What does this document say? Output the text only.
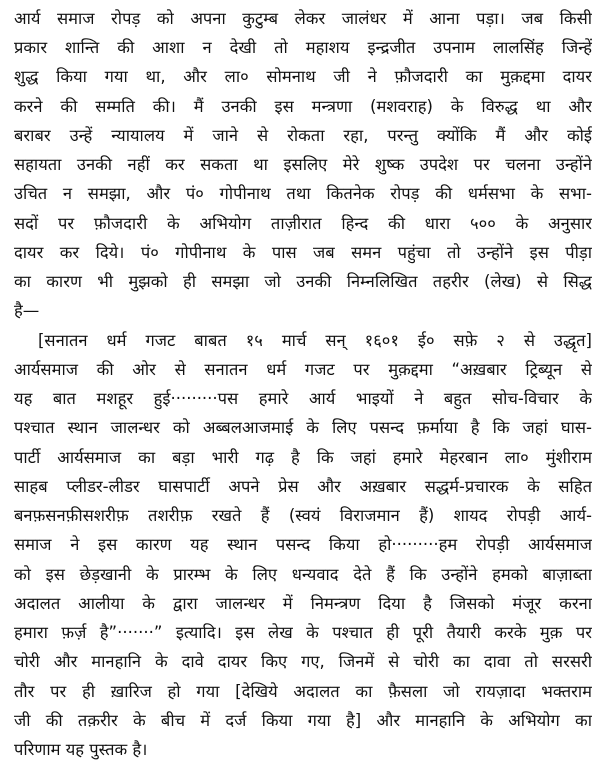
आर्य समाज रोपड़ को अपना कुटुम्ब लेकर जालंधर में आना पड़ा। जब किसी
प्रकार शान्ति की आशा न देखी तो महाशय इन्द्रजीत उपनाम लालसिंह जिन्हें
शुद्ध किया गया था, और ला० सोमनाथ जी ने फ़ौजदारी का मुक़द्दमा दायर
करने की सम्मति की। मैं उनकी इस मन्त्रणा (मशवराह) के विरुद्ध था और
बराबर उन्हें न्यायालय में जाने से रोकता रहा, परन्तु क्योंकि मैं और कोई
सहायता उनकी नहीं कर सकता था इसलिए मेरे शुष्क उपदेश पर चलना उन्होंने
उचित न समझा, और पं० गोपीनाथ तथा कितनेक रोपड़ की धर्मसभा के सभा-
सदों पर फ़ौजदारी के अभियोग ताज़ीरात हिन्द की धारा ५०० के अनुसार
दायर कर दिये। पं० गोपीनाथ के पास जब समन पहुंचा तो उन्होंने इस पीड़ा
का कारण भी मुझको ही समझा जो उनकी निम्नलिखित तहरीर (लेख) से सिद्ध
है—
[सनातन धर्म गजट बाबत १५ मार्च सन् १६०१ ई० सफ़े २ से उद्धृत]
आर्यसमाज की ओर से सनातन धर्म गजट पर मुक़द्दमा “अख़बार ट्रिब्यून से
यह बात मशहूर हुई·········पस हमारे आर्य भाइयों ने बहुत सोच-विचार के
पश्चात स्थान जालन्धर को अब्बलआजमाई के लिए पसन्द फ़र्माया है कि जहां घास-
पार्टी आर्यसमाज का बड़ा भारी गढ़ है कि जहां हमारे मेहरबान ला० मुंशीराम
साहब प्लीडर-लीडर घासपार्टी अपने प्रेस और अख़बार सद्धर्म-प्रचारक के सहित
बनफ़सनफ़ीसशरीफ़ तशरीफ़ रखते हैं (स्वयं विराजमान हैं) शायद रोपड़ी आर्य-
समाज ने इस कारण यह स्थान पसन्द किया हो·········हम रोपड़ी आर्यसमाज
को इस छेड़खानी के प्रारम्भ के लिए धन्यवाद देते हैं कि उन्होंने हमको बाज़ाब्ता
अदालत आलीया के द्वारा जालन्धर में निमन्त्रण दिया है जिसको मंजूर करना
हमारा फ़र्ज़ है”·······” इत्यादि। इस लेख के पश्चात ही पूरी तैयारी करके मुक़ पर
चोरी और मानहानि के दावे दायर किए गए, जिनमें से चोरी का दावा तो सरसरी
तौर पर ही ख़ारिज हो गया [देखिये अदालत का फ़ैसला जो रायज़ादा भक्तराम
जी की तक़रीर के बीच में दर्ज किया गया है] और मानहानि के अभियोग का
परिणाम यह पुस्तक है।
